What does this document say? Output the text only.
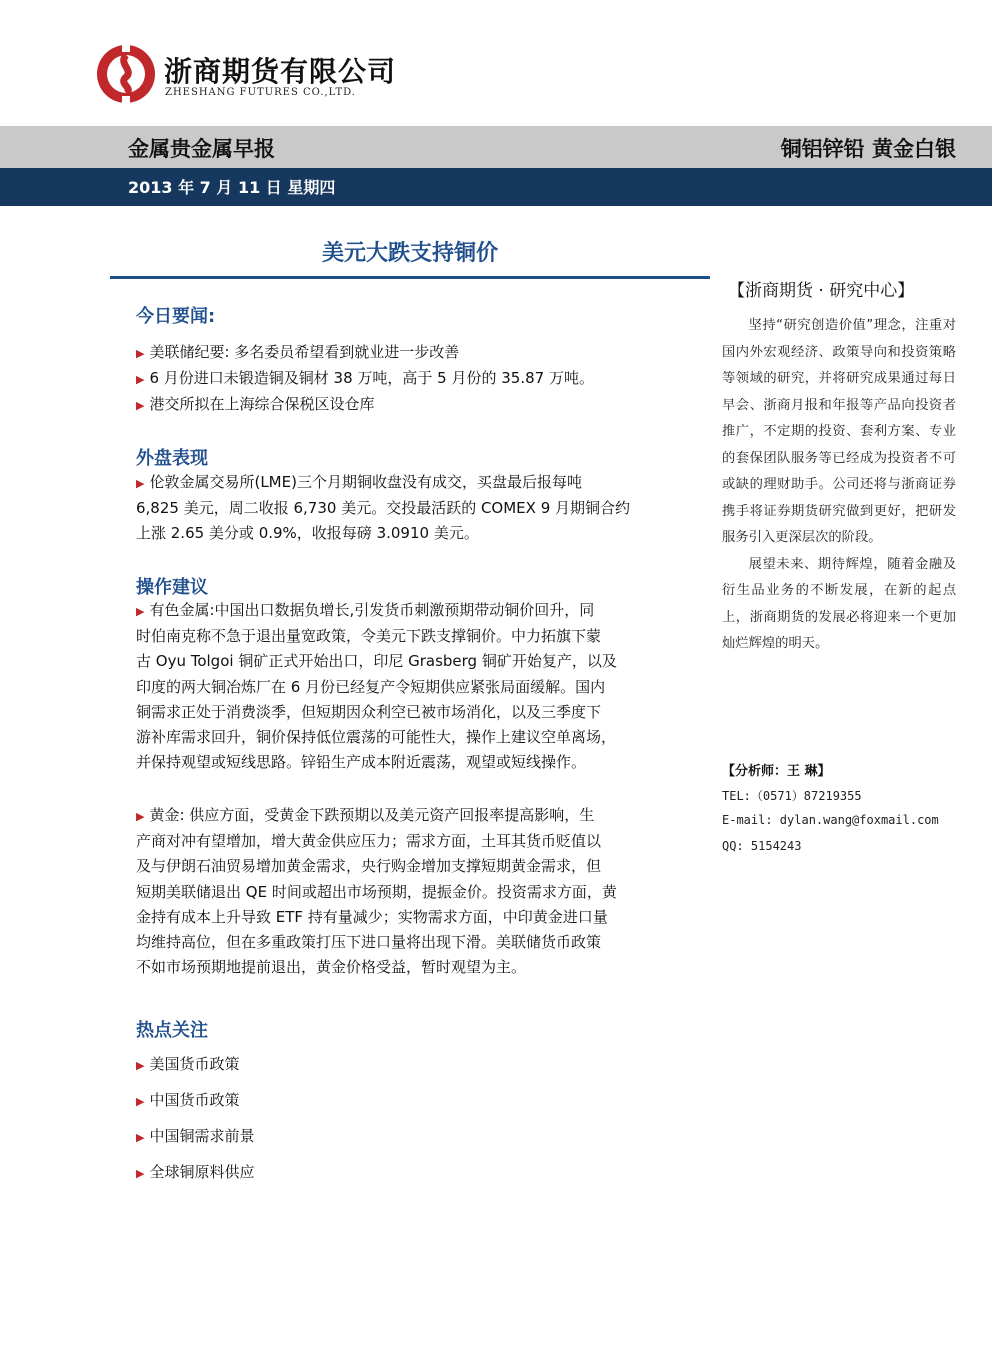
浙商期货有限公司
ZHESHANG FUTURES CO.,LTD.
金属贵金属早报	铜铝锌铅 黄金白银
2013 年 7 月 11 日 星期四
美元大跌支持铜价
今日要闻:
▶ 美联储纪要: 多名委员希望看到就业进一步改善
▶ 6 月份进口未锻造铜及铜材 38 万吨，高于 5 月份的 35.87 万吨。
▶ 港交所拟在上海综合保税区设仓库
外盘表现
▶ 伦敦金属交易所(LME)三个月期铜收盘没有成交，买盘最后报每吨
6,825 美元，周二收报 6,730 美元。交投最活跃的 COMEX 9 月期铜合约
上涨 2.65 美分或 0.9%，收报每磅 3.0910 美元。
操作建议
▶ 有色金属:中国出口数据负增长,引发货币刺激预期带动铜价回升，同
时伯南克称不急于退出量宽政策，令美元下跌支撑铜价。中力拓旗下蒙
古 Oyu Tolgoi 铜矿正式开始出口，印尼 Grasberg 铜矿开始复产，以及
印度的两大铜冶炼厂在 6 月份已经复产令短期供应紧张局面缓解。国内
铜需求正处于消费淡季，但短期因众利空已被市场消化，以及三季度下
游补库需求回升，铜价保持低位震荡的可能性大，操作上建议空单离场，
并保持观望或短线思路。锌铅生产成本附近震荡，观望或短线操作。
▶ 黄金: 供应方面，受黄金下跌预期以及美元资产回报率提高影响，生
产商对冲有望增加，增大黄金供应压力；需求方面，土耳其货币贬值以
及与伊朗石油贸易增加黄金需求，央行购金增加支撑短期黄金需求，但
短期美联储退出 QE 时间或超出市场预期，提振金价。投资需求方面，黄
金持有成本上升导致 ETF 持有量减少；实物需求方面，中印黄金进口量
均维持高位，但在多重政策打压下进口量将出现下滑。美联储货币政策
不如市场预期地提前退出，黄金价格受益，暂时观望为主。
热点关注
▶ 美国货币政策
▶ 中国货币政策
▶ 中国铜需求前景
▶ 全球铜原料供应
【浙商期货 · 研究中心】

坚持“研究创造价值”理念，注重对国内外宏观经济、政策导向和投资策略等领域的研究，并将研究成果通过每日早会、浙商月报和年报等产品向投资者推广，不定期的投资、套利方案、专业的套保团队服务等已经成为投资者不可或缺的理财助手。公司还将与浙商证券携手将证券期货研究做到更好，把研发服务引入更深层次的阶段。

展望未来、期待辉煌，随着金融及衍生品业务的不断发展，在新的起点上，浙商期货的发展必将迎来一个更加灿烂辉煌的明天。

【分析师：王 琳】
TEL:（0571）87219355
E-mail: dylan.wang@foxmail.com
QQ: 5154243
